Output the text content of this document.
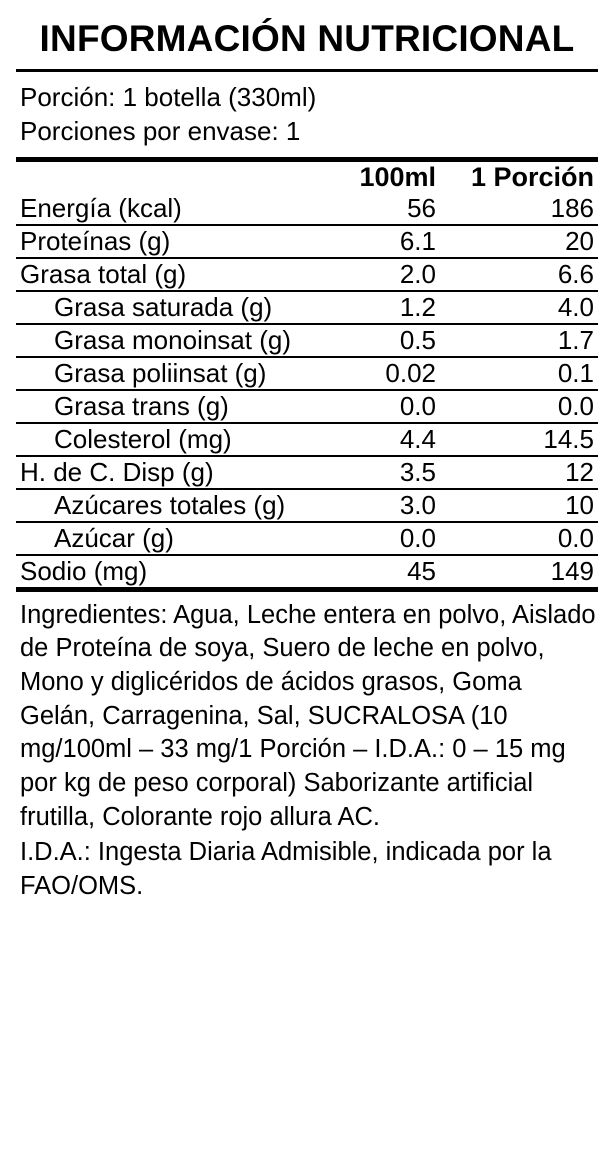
INFORMACIÓN NUTRICIONAL
Porción: 1 botella (330ml)
Porciones por envase: 1
	100ml	1 Porción
Energía (kcal)	56	186
Proteínas (g)	6.1	20
Grasa total (g)	2.0	6.6
Grasa saturada (g)	1.2	4.0
Grasa monoinsat (g)	0.5	1.7
Grasa poliinsat (g)	0.02	0.1
Grasa trans (g)	0.0	0.0
Colesterol (mg)	4.4	14.5
H. de C. Disp (g)	3.5	12
Azúcares totales (g)	3.0	10
Azúcar (g)	0.0	0.0
Sodio (mg)	45	149
Ingredientes: Agua, Leche entera en polvo, Aislado de Proteína de soya, Suero de leche en polvo, Mono y diglicéridos de ácidos grasos, Goma Gelán, Carragenina, Sal, SUCRALOSA (10 mg/100ml – 33 mg/1 Porción – I.D.A.: 0 – 15 mg por kg de peso corporal) Saborizante artificial frutilla, Colorante rojo allura AC.
I.D.A.: Ingesta Diaria Admisible, indicada por la FAO/OMS.
